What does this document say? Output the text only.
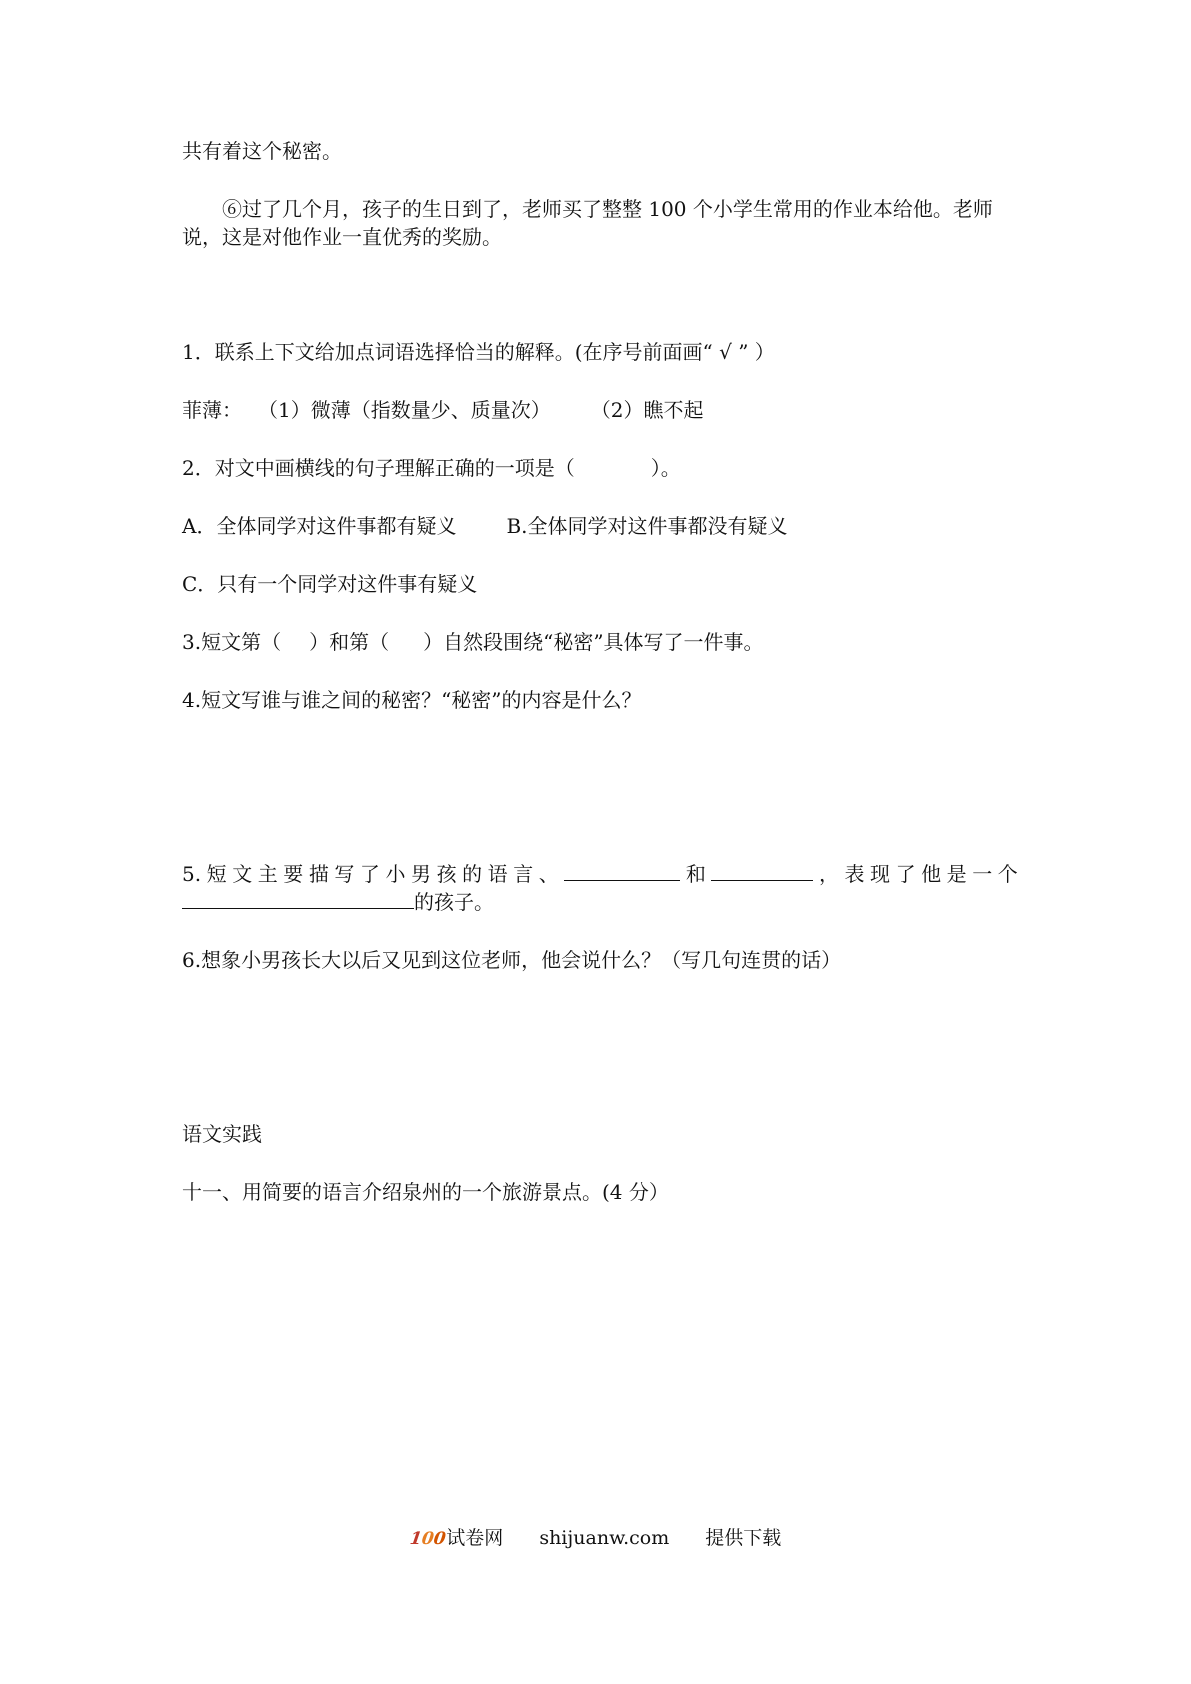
共有着这个秘密。
⑥过了几个月，孩子的生日到了，老师买了整整 100 个小学生常用的作业本给他。老师
说，这是对他作业一直优秀的奖励。
1．联系上下文给加点词语选择恰当的解释。(在序号前面画“ √ ” ）
菲薄： （1）微薄（指数量少、质量次） （2）瞧不起
2．对文中画横线的句子理解正确的一项是（	）。
A．全体同学对这件事都有疑义	B.全体同学对这件事都没有疑义
C．只有一个同学对这件事有疑义
3.短文第（ ）和第（ ）自然段围绕“秘密”具体写了一件事。
4.短文写谁与谁之间的秘密？“秘密”的内容是什么？
5. 短 文 主 要 描 写 了 小 男 孩 的 语 言 、	和	， 表 现 了 他 是 一 个
的孩子。
6.想象小男孩长大以后又见到这位老师，他会说什么？（写几句连贯的话）
语文实践
十一、用简要的语言介绍泉州的一个旅游景点。(4 分）
100试卷网 shijuanw.com 提供下载
